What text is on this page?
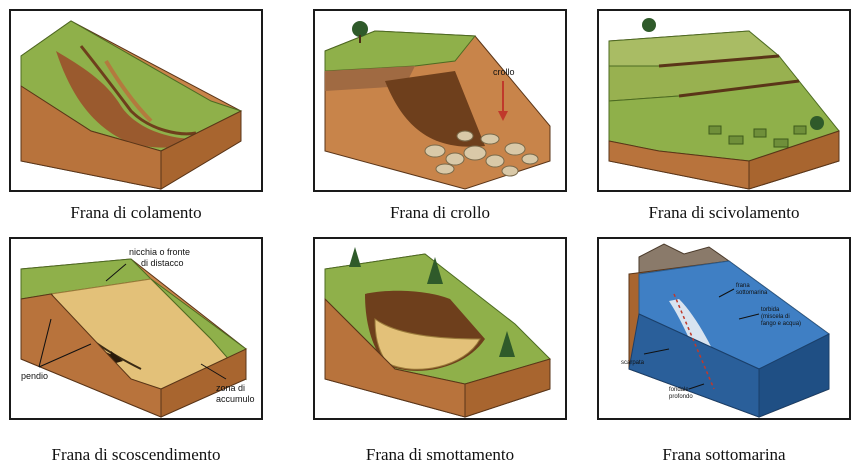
Frana di colamento
crollo
Frana di crollo	Frana di scivolamento
nicchia o fronte
di distacco
pendio
zona di
accumulo
Frana di scoscendimento	Frana di smottamento
frana
sottomarina
torbida
(miscela di
fango e acqua)
scarpata
fondale
profondo
Frana sottomarina
